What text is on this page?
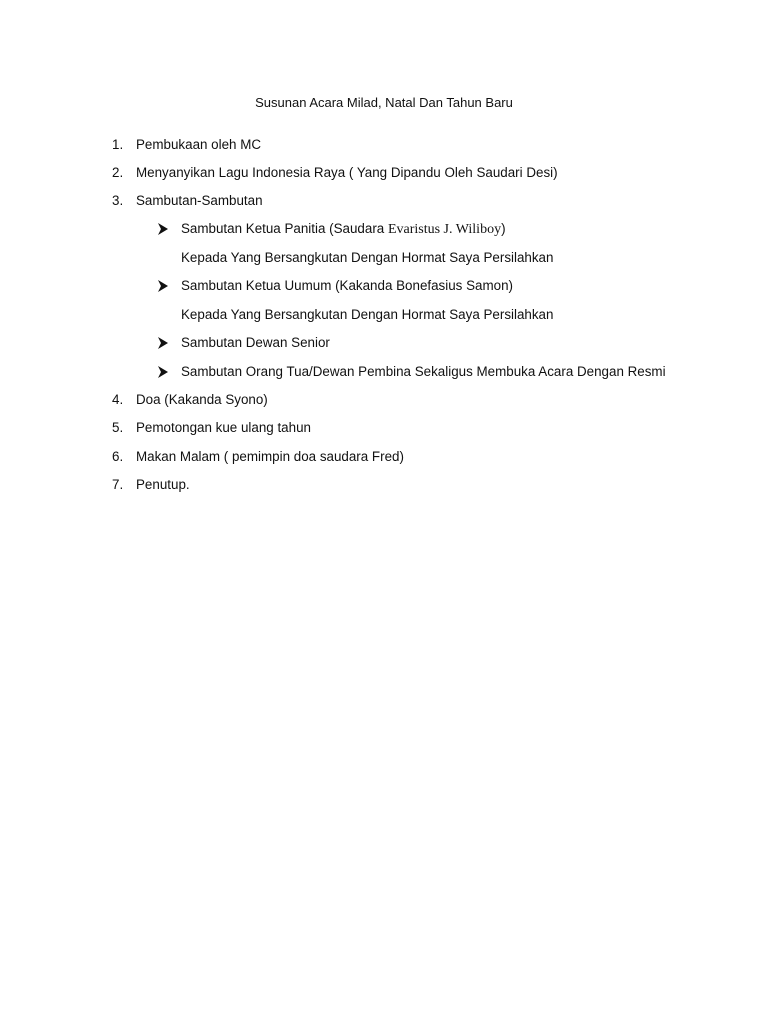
Susunan Acara Milad, Natal Dan Tahun Baru
1. Pembukaan oleh MC
2. Menyanyikan Lagu Indonesia Raya ( Yang Dipandu Oleh Saudari Desi)
3. Sambutan-Sambutan
Sambutan Ketua Panitia (Saudara Evaristus J. Wiliboy)
Kepada Yang Bersangkutan Dengan Hormat Saya Persilahkan
Sambutan Ketua Uumum (Kakanda Bonefasius Samon)
Kepada Yang Bersangkutan Dengan Hormat Saya Persilahkan
Sambutan Dewan Senior
Sambutan Orang Tua/Dewan Pembina Sekaligus Membuka Acara Dengan Resmi
4. Doa (Kakanda Syono)
5. Pemotongan kue ulang tahun
6. Makan Malam ( pemimpin doa saudara Fred)
7. Penutup.
